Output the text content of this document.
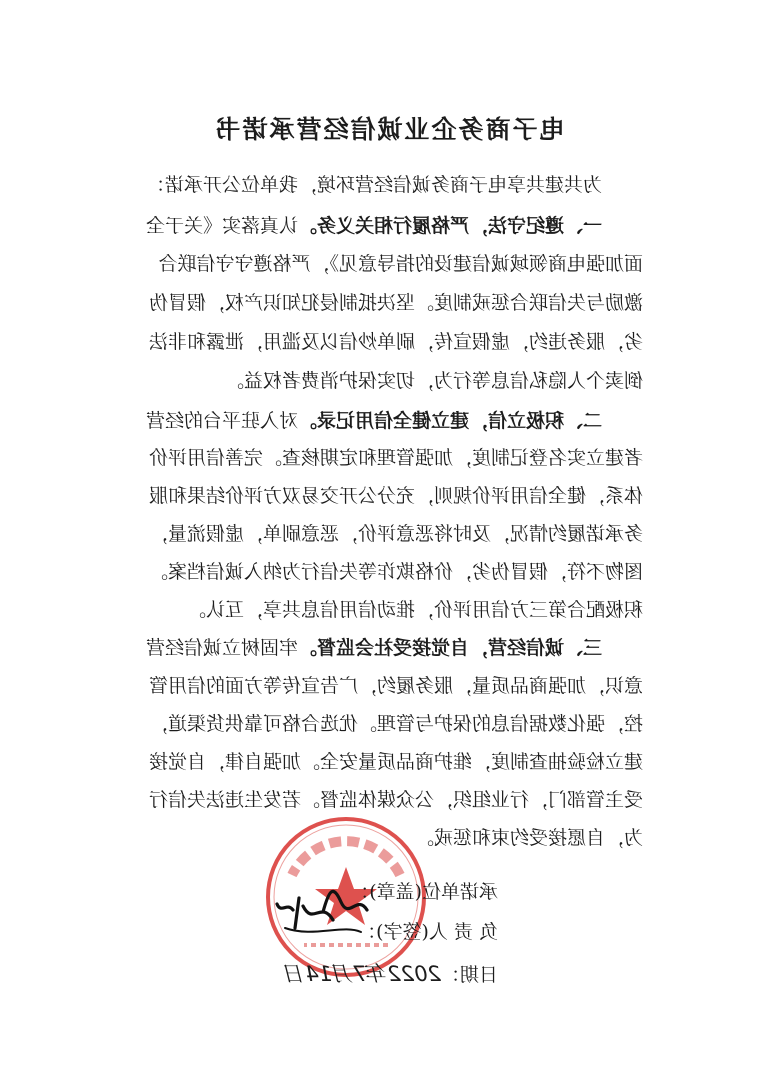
电子商务企业诚信经营承诺书
为共建共享电子商务诚信经营环境，我单位公开承诺：
一、遵纪守法，严格履行相关义务。认真落实《关于全
面加强电商领域诚信建设的指导意见》，严格遵守守信联合
激励与失信联合惩戒制度。坚决抵制侵犯知识产权，假冒伪
劣，服务违约，虚假宣传，刷单炒信以及滥用，泄露和非法
倒卖个人隐私信息等行为，切实保护消费者权益。
二、积极立信，建立健全信用记录。对入驻平台的经营
者建立实名登记制度，加强管理和定期核查。完善信用评价
体系，健全信用评价规则，充分公开交易双方评价结果和服
务承诺履约情况，及时将恶意评价，恶意刷单，虚假流量，
图物不符，假冒伪劣，价格欺诈等失信行为纳入诚信档案。
积极配合第三方信用评价，推动信用信息共享，互认。
三、诚信经营，自觉接受社会监督。牢固树立诚信经营
意识，加强商品质量，服务履约，广告宣传等方面的信用管
控，强化数据信息的保护与管理。优选合格可靠供货渠道，
建立检验抽查制度，维护商品质量安全。加强自律，自觉接
受主管部门，行业组织，公众媒体监督。若发生违法失信行
为，自愿接受约束和惩戒。
承诺单位(盖章)：
负 责 人(签字)：
日期：2022年7月14日
